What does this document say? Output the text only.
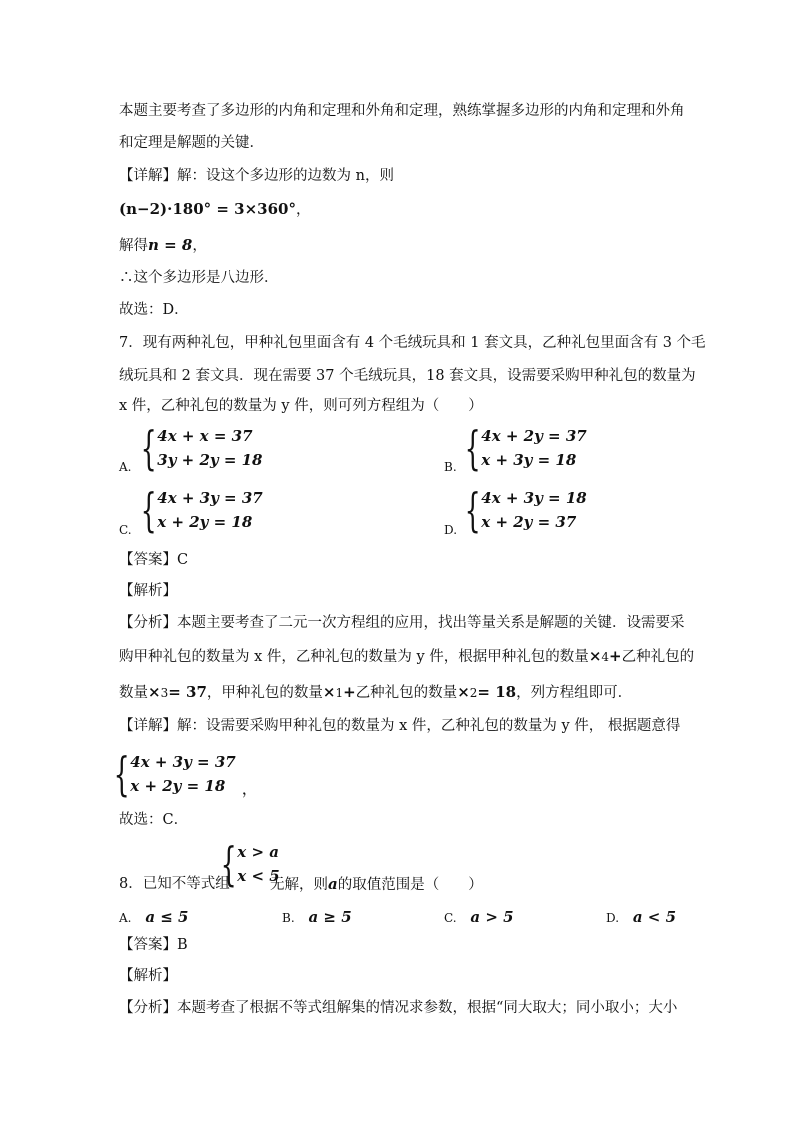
本题主要考查了多边形的内角和定理和外角和定理，熟练掌握多边形的内角和定理和外角
和定理是解题的关键．
【详解】解：设这个多边形的边数为 n，则
(n−2)·180° = 3×360°，
解得n = 8，
∴这个多边形是八边形．
故选：D．
7．现有两种礼包，甲种礼包里面含有 4 个毛绒玩具和 1 套文具，乙种礼包里面含有 3 个毛
绒玩具和 2 套文具．现在需要 37 个毛绒玩具，18 套文具，设需要采购甲种礼包的数量为
x 件，乙种礼包的数量为 y 件，则可列方程组为（　　）
A. { 4x + x = 37
3y + 2y = 18	B. { 4x + 2y = 37
x + 3y = 18
C. { 4x + 3y = 37
x + 2y = 18	D. { 4x + 3y = 18
x + 2y = 37
【答案】C
【解析】
【分析】本题主要考查了二元一次方程组的应用，找出等量关系是解题的关键．设需要采
购甲种礼包的数量为 x 件，乙种礼包的数量为 y 件，根据甲种礼包的数量×4+乙种礼包的
数量×3= 37，甲种礼包的数量×1+乙种礼包的数量×2= 18，列方程组即可．
【详解】解：设需要采购甲种礼包的数量为 x 件，乙种礼包的数量为 y 件， 根据题意得
{ 4x + 3y = 37
x + 2y = 18	，
故选：C．
8．已知不等式组
{ x > a
x < 5
无解，则a的取值范围是（　　）
A. a ≤ 5	B. a ≥ 5	C. a > 5	D. a < 5
【答案】B
【解析】
【分析】本题考查了根据不等式组解集的情况求参数，根据“同大取大；同小取小；大小
